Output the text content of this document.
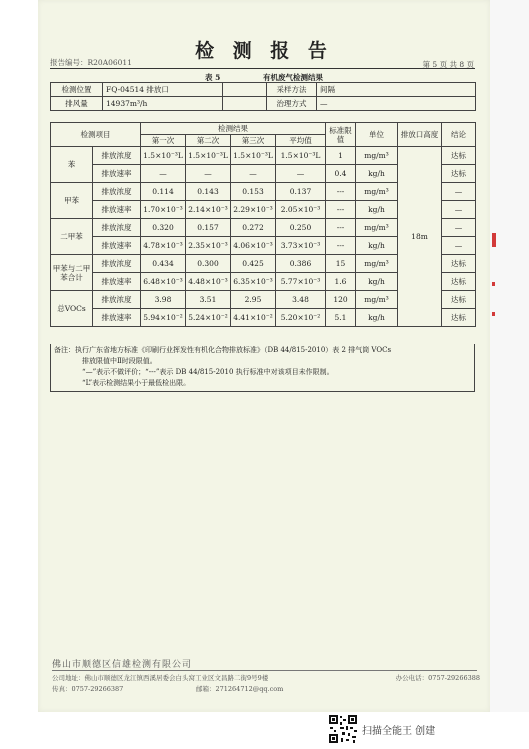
检 测 报 告
报告编号：R20A06011	第 5 页 共 8 页
表 5	有机废气检测结果
检测位置	FQ-04514 排放口		采样方法	间隔
排风量	14937m³/h		治理方式	—
检测项目		检测结果				标准限值	单位	排放口高度	结论
		第一次	第二次	第三次	平均值				
苯	排放浓度	1.5×10⁻³L	1.5×10⁻³L	1.5×10⁻³L	1.5×10⁻³L	1	mg/m³	18m	达标
	排放速率	—	—	—	—	0.4	kg/h		达标
甲苯	排放浓度	0.114	0.143	0.153	0.137	---	mg/m³		—
	排放速率	1.70×10⁻³	2.14×10⁻³	2.29×10⁻³	2.05×10⁻³	---	kg/h		—
二甲苯	排放浓度	0.320	0.157	0.272	0.250	---	mg/m³		—
	排放速率	4.78×10⁻³	2.35×10⁻³	4.06×10⁻³	3.73×10⁻³	---	kg/h		—
甲苯与二甲苯合计	排放浓度	0.434	0.300	0.425	0.386	15	mg/m³		达标
	排放速率	6.48×10⁻³	4.48×10⁻³	6.35×10⁻³	5.77×10⁻³	1.6	kg/h		达标
总VOCs	排放浓度	3.98	3.51	2.95	3.48	120	mg/m³		达标
	排放速率	5.94×10⁻²	5.24×10⁻²	4.41×10⁻²	5.20×10⁻²	5.1	kg/h		达标

备注：执行广东省地方标准《印刷行业挥发性有机化合物排放标准》（DB 44/815-2010）表 2 排气筒 VOCs

排放限值中Ⅱ时段限值。

“—”表示不做评价；“---”表示 DB 44/815-2010 执行标准中对该项目未作限制。

“L”表示检测结果小于最低检出限。

佛山市顺德区信雄检测有限公司
公司地址：佛山市顺德区龙江镇西溪居委会白头窝工业区文昌路二街9号9楼	办公电话：0757-29266388
传真：0757-29266387	邮箱：271264712@qq.com
扫描全能王 创建
